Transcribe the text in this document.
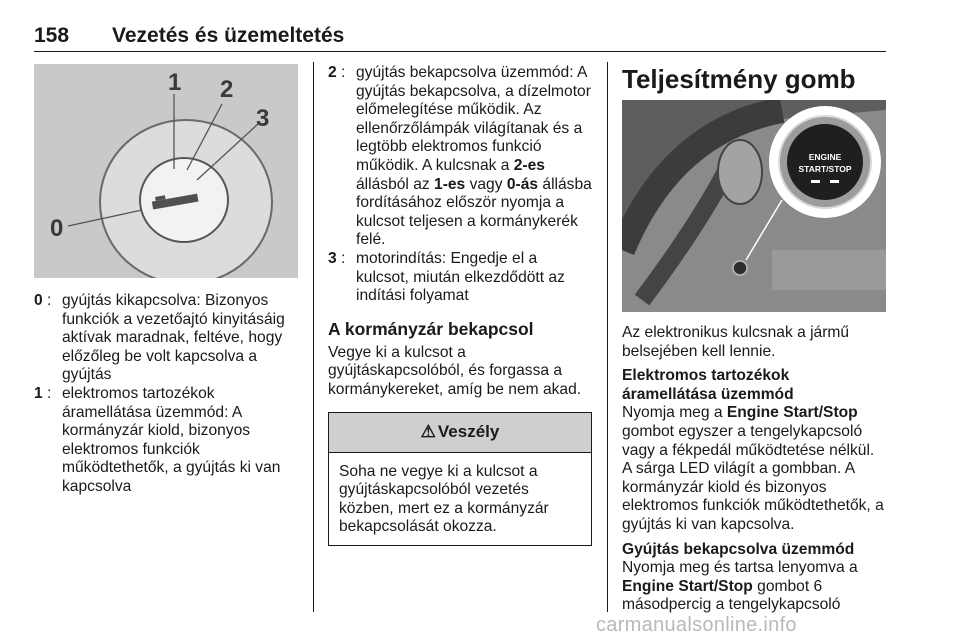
158 Vezetés és üzemeltetés
1 2
3
0
0 : gyújtás kikapcsolva: Bizonyos funkciók a vezetőajtó kinyitásáig aktívak maradnak, feltéve, hogy előzőleg be volt kapcsolva a gyújtás
1 : elektromos tartozékok áramellátása üzemmód: A kormányzár kiold, bizonyos elektromos funkciók működtethetők, a gyújtás ki van kapcsolva
2 : gyújtás bekapcsolva üzemmód: A gyújtás bekapcsolva, a dízelmotor előmelegítése működik. Az ellenőrzőlámpák világítanak és a legtöbb elektromos funkció működik. A kulcsnak a 2-es állásból az 1-es vagy 0-ás állásba fordításához először nyomja a kulcsot teljesen a kormánykerék felé.
3 : motorindítás: Engedje el a kulcsot, miután elkezdődött az indítási folyamat
A kormányzár bekapcsol

Vegye ki a kulcsot a gyújtáskapcsolóból, és forgassa a kormánykereket, amíg be nem akad.

⚠ Veszély
Soha ne vegye ki a kulcsot a gyújtáskapcsolóból vezetés közben, mert ez a kormányzár bekapcsolását okozza.
Teljesítmény gomb
ENGINE
START/STOP

Az elektronikus kulcsnak a jármű belsejében kell lennie.

Elektromos tartozékok áramellátása üzemmód

Nyomja meg a Engine Start/Stop gombot egyszer a tengelykapcsoló vagy a fékpedál működtetése nélkül. A sárga LED világít a gombban. A kormányzár kiold és bizonyos elektromos funkciók működtethetők, a gyújtás ki van kapcsolva.

Gyújtás bekapcsolva üzemmód

Nyomja meg és tartsa lenyomva a Engine Start/Stop gombot 6 másodpercig a tengelykapcsoló

carmanualsonline.info
